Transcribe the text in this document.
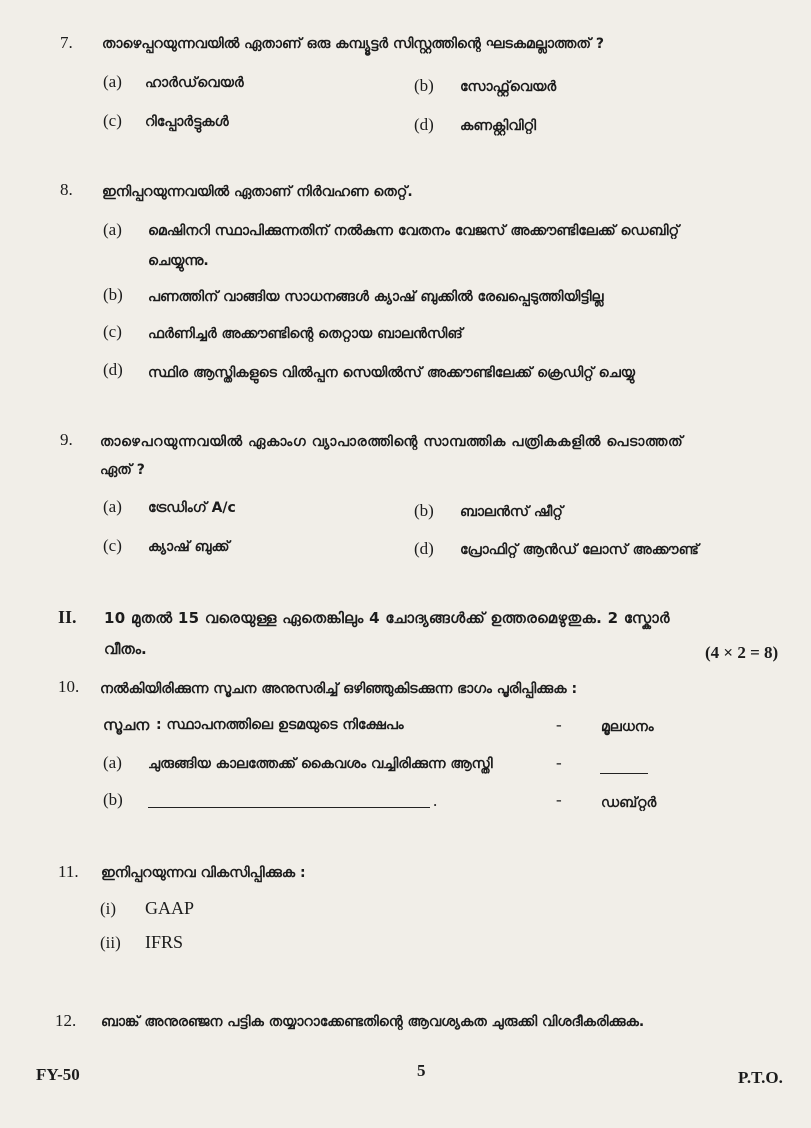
7. താഴെപ്പറയുന്നവയിൽ ഏതാണ് ഒരു കമ്പ്യൂട്ടർ സിസ്റ്റത്തിന്റെ ഘടകമല്ലാത്തത് ?
(a) ഹാർഡ്‌വെയർ	(b) സോഫ്റ്റ്‌വെയർ
(c) റിപ്പോർട്ടുകൾ	(d) കണക്റ്റിവിറ്റി
8. ഇനിപ്പറയുന്നവയിൽ ഏതാണ് നിർവഹണ തെറ്റ്.
(a) മെഷിനറി സ്ഥാപിക്കുന്നതിന് നൽകുന്ന വേതനം വേജസ് അക്കൗണ്ടിലേക്ക് ഡെബിറ്റ്
ചെയ്യുന്നു.
(b) പണത്തിന് വാങ്ങിയ സാധനങ്ങൾ ക്യാഷ് ബുക്കിൽ രേഖപ്പെടുത്തിയിട്ടില്ല
(c) ഫർണിച്ചർ അക്കൗണ്ടിന്റെ തെറ്റായ ബാലൻസിങ്
(d) സ്ഥിര ആസ്തികളുടെ വിൽപ്പന സെയിൽസ് അക്കൗണ്ടിലേക്ക് ക്രെഡിറ്റ് ചെയ്യു
9. താഴെപറയുന്നവയിൽ ഏകാംഗ വ്യാപാരത്തിന്റെ സാമ്പത്തിക പത്രികകളിൽ പെടാത്തത്
ഏത് ?
(a) ട്രേഡിംഗ് A/c	(b) ബാലൻസ് ഷീറ്റ്
(c) ക്യാഷ് ബുക്ക്	(d) പ്രോഫിറ്റ് ആൻഡ് ലോസ് അക്കൗണ്ട്
II. 10 മുതൽ 15 വരെയുള്ള ഏതെങ്കിലും 4 ചോദ്യങ്ങൾക്ക് ഉത്തരമെഴുതുക. 2 സ്കോർ
വീതം.	(4 × 2 = 8)
10. നൽകിയിരിക്കുന്ന സൂചന അനുസരിച്ച് ഒഴിഞ്ഞുകിടക്കുന്ന ഭാഗം പൂരിപ്പിക്കുക :
സൂചന : സ്ഥാപനത്തിലെ ഉടമയുടെ നിക്ഷേപം	-	മൂലധനം
(a) ചുരുങ്ങിയ കാലത്തേക്ക് കൈവശം വച്ചിരിക്കുന്ന ആസ്തി	-
(b)	.	-	ഡബ്റ്റർ
11. ഇനിപ്പറയുന്നവ വികസിപ്പിക്കുക :
(i) GAAP
(ii) IFRS
12. ബാങ്ക് അനുരഞ്ജന പട്ടിക തയ്യാറാക്കേണ്ടതിന്റെ ആവശ്യകത ചുരുക്കി വിശദീകരിക്കുക.
FY-50	5	P.T.O.
